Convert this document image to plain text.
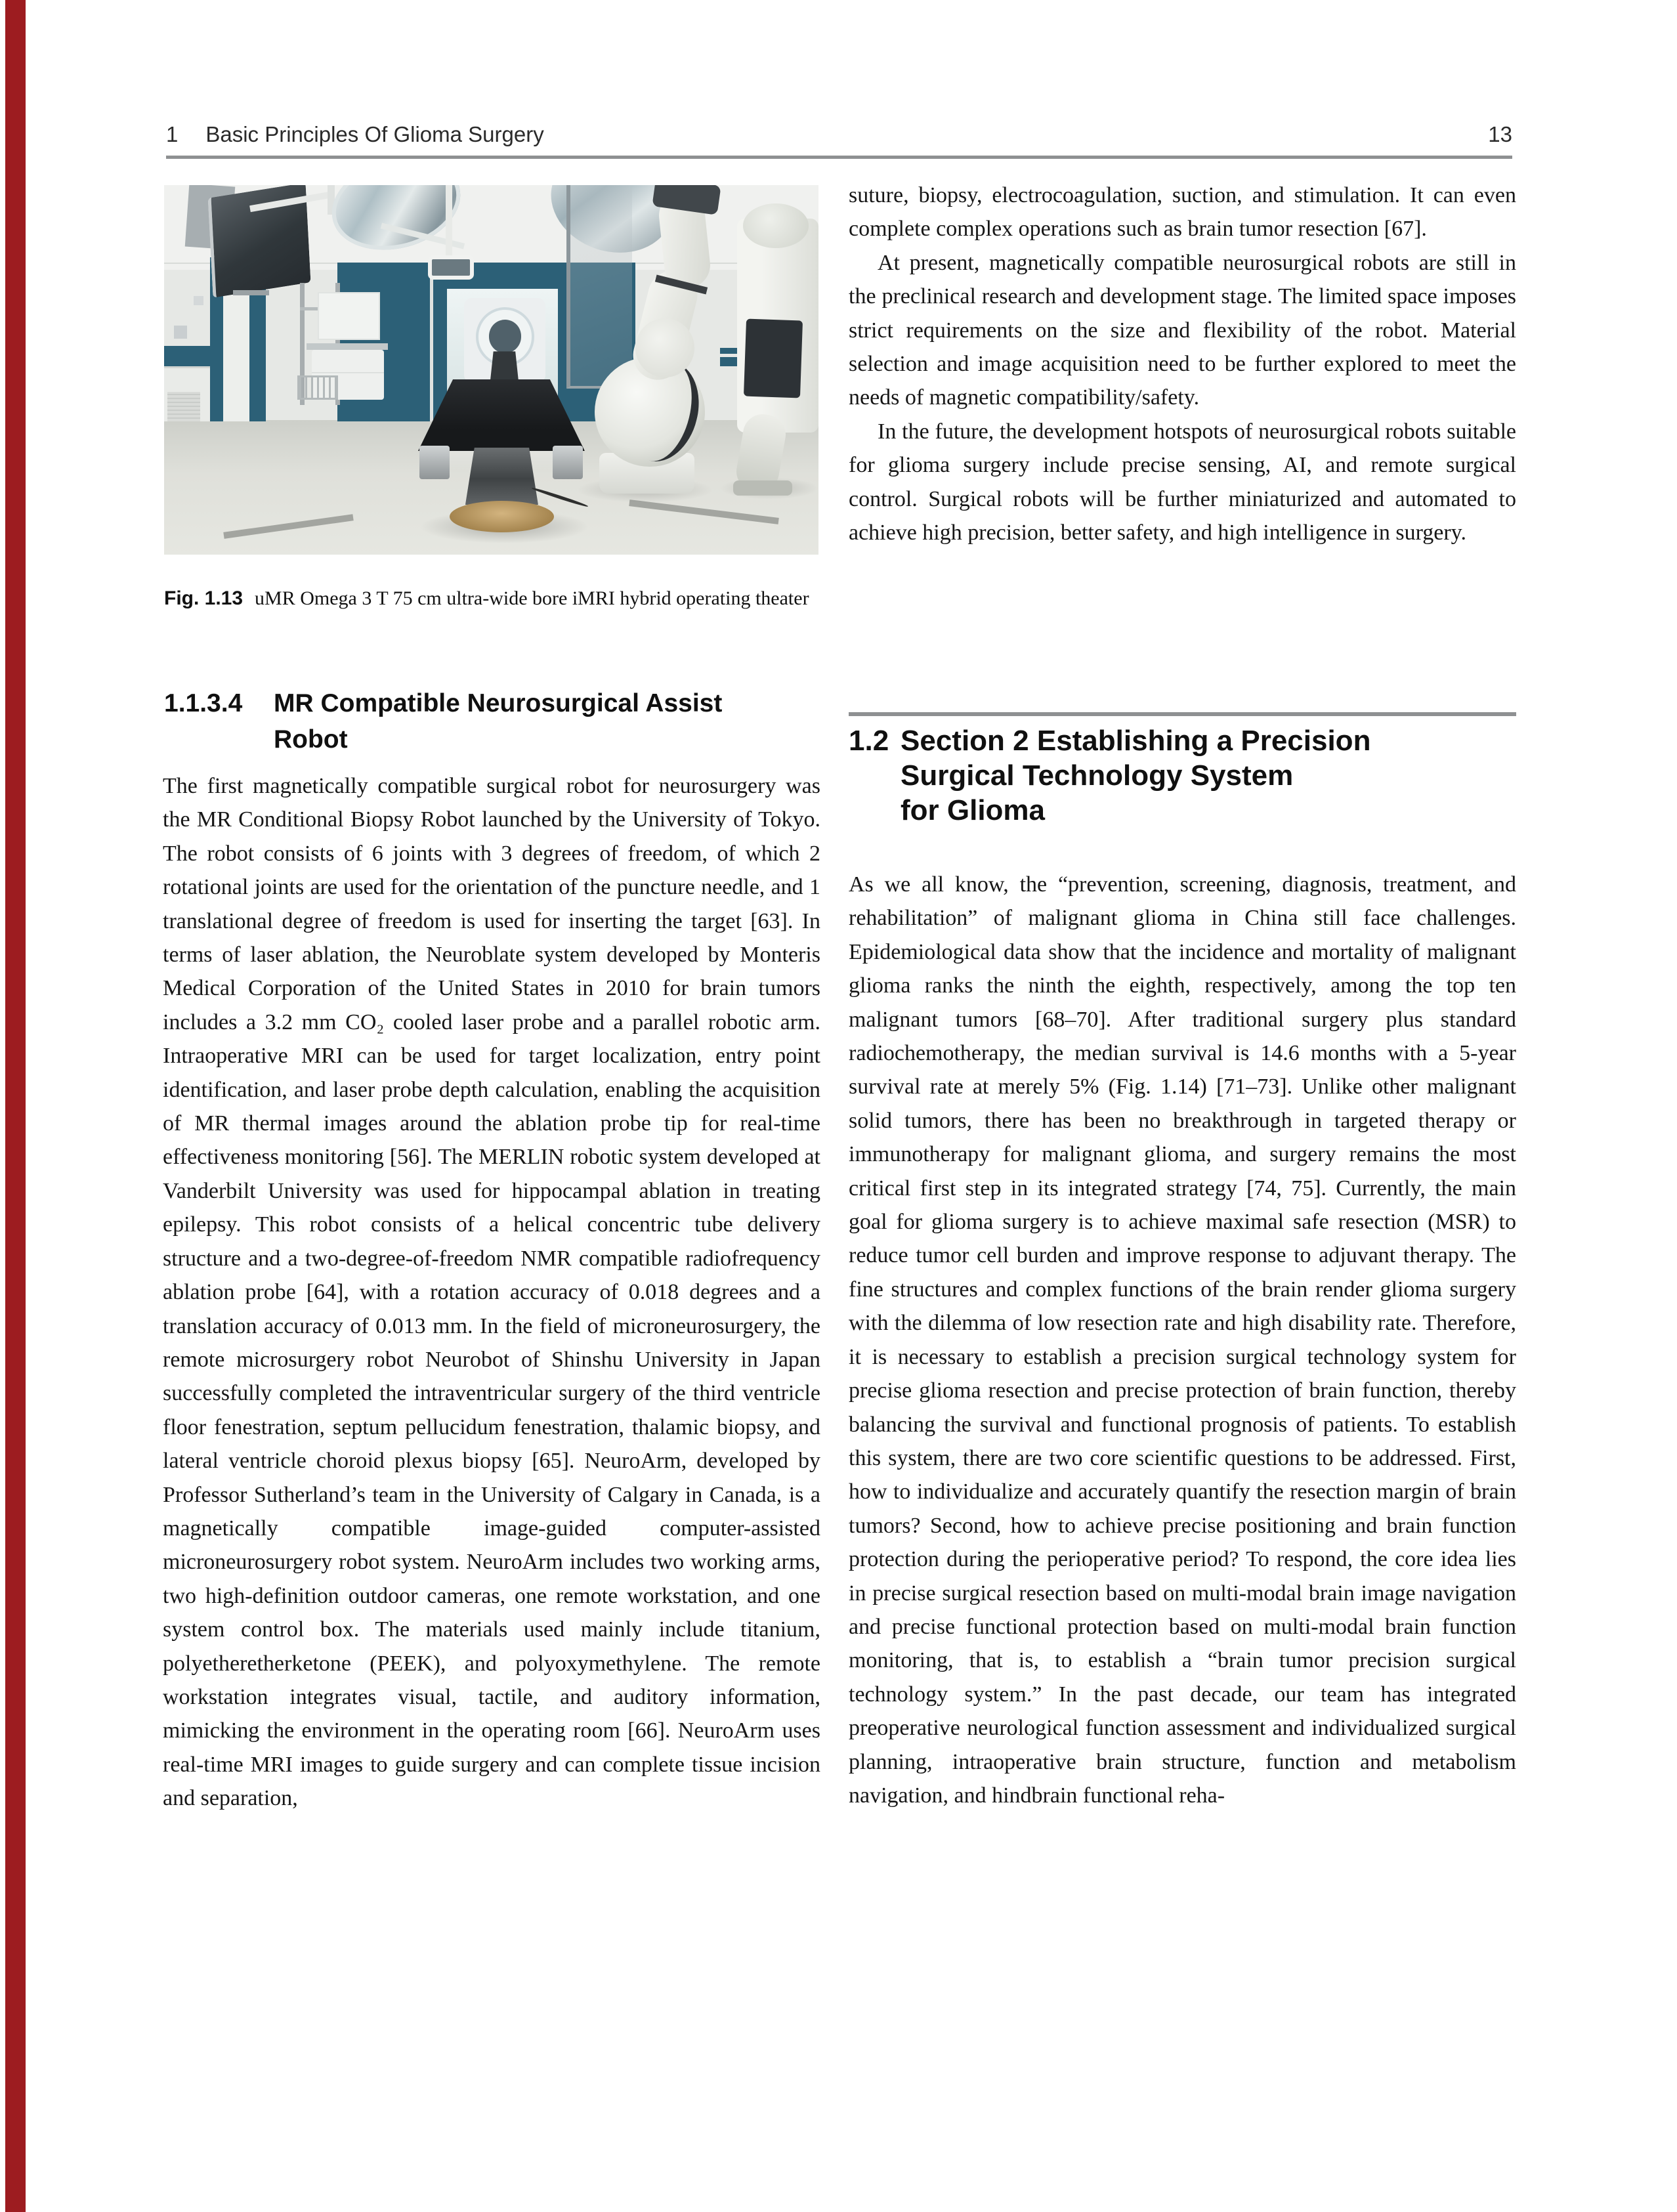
1 Basic Principles Of Glioma Surgery	13
Fig. 1.13 uMR Omega 3 T 75 cm ultra-wide bore iMRI hybrid operating theater
1.1.3.4	MR Compatible Neurosurgical Assist
Robot

The first magnetically compatible surgical robot for neurosurgery was the MR Conditional Biopsy Robot launched by the University of Tokyo. The robot consists of 6 joints with 3 degrees of freedom, of which 2 rotational joints are used for the orientation of the puncture needle, and 1 translational degree of freedom is used for inserting the target [63]. In terms of laser ablation, the Neuroblate system developed by Monteris Medical Corporation of the United States in 2010 for brain tumors includes a 3.2 mm CO₂ cooled laser probe and a parallel robotic arm. Intraoperative MRI can be used for target localization, entry point identification, and laser probe depth calculation, enabling the acquisition of MR thermal images around the ablation probe tip for real-time effectiveness monitoring [56]. The MERLIN robotic system developed at Vanderbilt University was used for hippocampal ablation in treating epilepsy. This robot consists of a helical concentric tube delivery structure and a two-degree-of-freedom NMR compatible radiofrequency ablation probe [64], with a rotation accuracy of 0.018 degrees and a translation accuracy of 0.013 mm. In the field of microneurosurgery, the remote microsurgery robot Neurobot of Shinshu University in Japan successfully completed the intraventricular surgery of the third ventricle floor fenestration, septum pellucidum fenestration, thalamic biopsy, and lateral ventricle choroid plexus biopsy [65]. NeuroArm, developed by Professor Sutherland’s team in the University of Calgary in Canada, is a magnetically compatible image-guided computer-assisted microneurosurgery robot system. NeuroArm includes two working arms, two high-definition outdoor cameras, one remote workstation, and one system control box. The materials used mainly include titanium, polyetheretherketone (PEEK), and polyoxymethylene. The remote workstation integrates visual, tactile, and auditory information, mimicking the environment in the operating room [66]. NeuroArm uses real-time MRI images to guide surgery and can complete tissue incision and separation,

suture, biopsy, electrocoagulation, suction, and stimulation. It can even complete complex operations such as brain tumor resection [67].

At present, magnetically compatible neurosurgical robots are still in the preclinical research and development stage. The limited space imposes strict requirements on the size and flexibility of the robot. Material selection and image acquisition need to be further explored to meet the needs of magnetic compatibility/safety.

In the future, the development hotspots of neurosurgical robots suitable for glioma surgery include precise sensing, AI, and remote surgical control. Surgical robots will be further miniaturized and automated to achieve high precision, better safety, and high intelligence in surgery.

1.2 Section 2 Establishing a Precision
Surgical Technology System
for Glioma

As we all know, the “prevention, screening, diagnosis, treatment, and rehabilitation” of malignant glioma in China still face challenges. Epidemiological data show that the incidence and mortality of malignant glioma ranks the ninth the eighth, respectively, among the top ten malignant tumors [68–70]. After traditional surgery plus standard radiochemotherapy, the median survival is 14.6 months with a 5-year survival rate at merely 5% (Fig. 1.14) [71–73]. Unlike other malignant solid tumors, there has been no breakthrough in targeted therapy or immunotherapy for malignant glioma, and surgery remains the most critical first step in its integrated strategy [74, 75]. Currently, the main goal for glioma surgery is to achieve maximal safe resection (MSR) to reduce tumor cell burden and improve response to adjuvant therapy. The fine structures and complex functions of the brain render glioma surgery with the dilemma of low resection rate and high disability rate. Therefore, it is necessary to establish a precision surgical technology system for precise glioma resection and precise protection of brain function, thereby balancing the survival and functional prognosis of patients. To establish this system, there are two core scientific questions to be addressed. First, how to individualize and accurately quantify the resection margin of brain tumors? Second, how to achieve precise positioning and brain function protection during the perioperative period? To respond, the core idea lies in precise surgical resection based on multi-modal brain image navigation and precise functional protection based on multi-modal brain function monitoring, that is, to establish a “brain tumor precision surgical technology system.” In the past decade, our team has integrated preoperative neurological function assessment and individualized surgical planning, intraoperative brain structure, function and metabolism navigation, and hindbrain functional reha-
